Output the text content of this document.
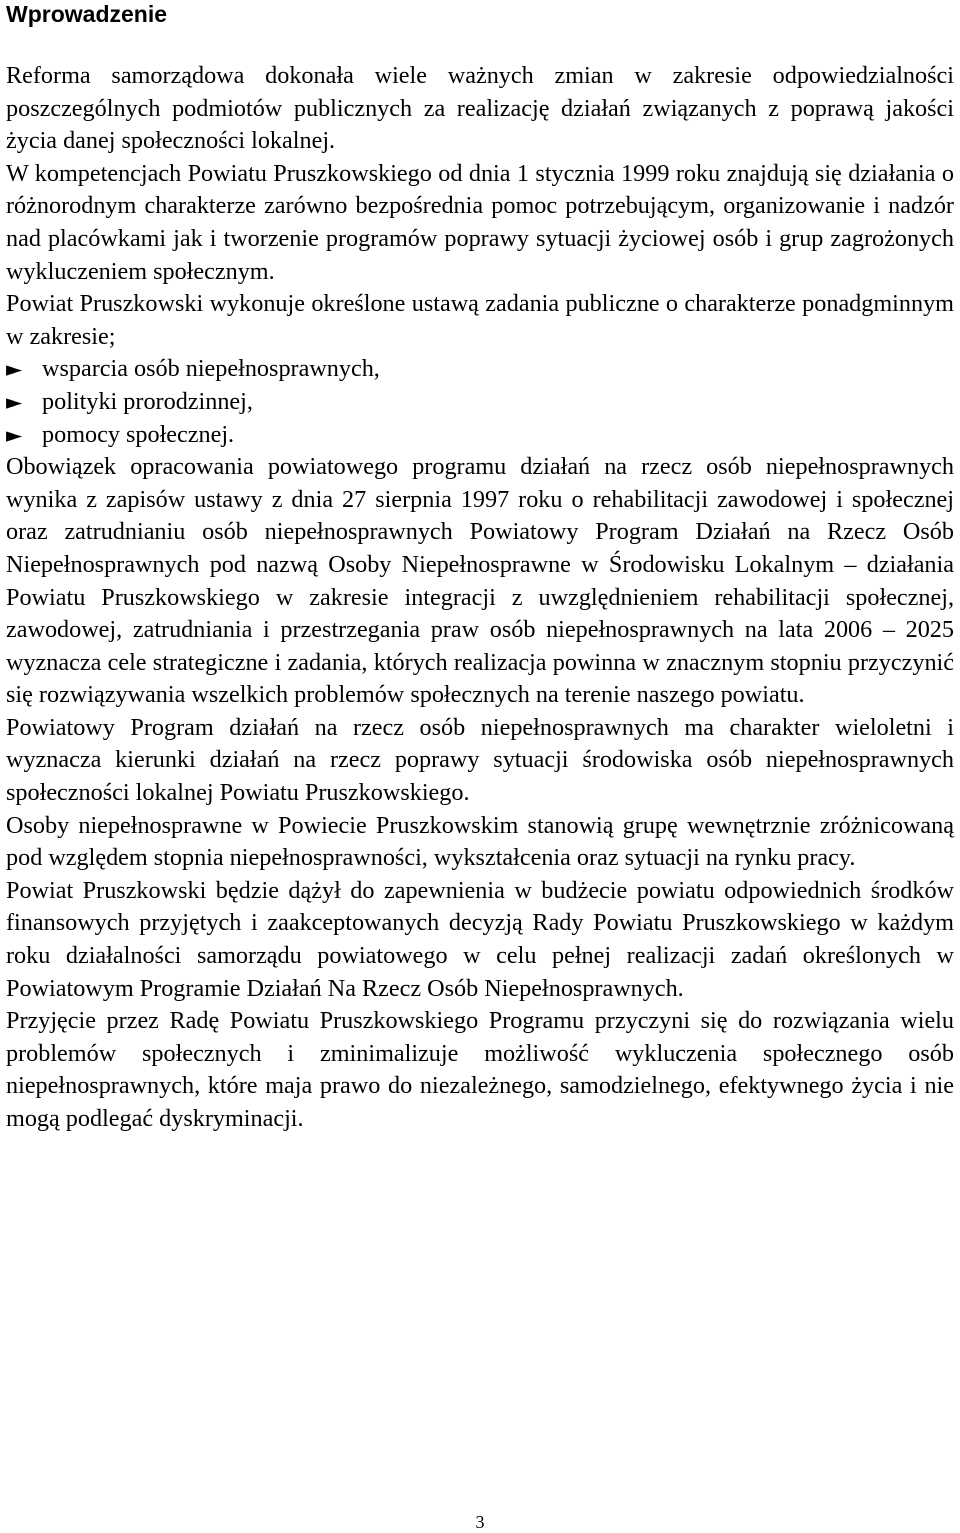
Wprowadzenie

Reforma samorządowa dokonała wiele ważnych zmian w zakresie odpowiedzialności poszczególnych podmiotów publicznych za realizację działań związanych z poprawą jakości życia danej społeczności lokalnej.

W kompetencjach Powiatu Pruszkowskiego od dnia 1 stycznia 1999 roku znajdują się działania o różnorodnym charakterze zarówno bezpośrednia pomoc potrzebującym, organizowanie i nadzór nad placówkami jak i tworzenie programów poprawy sytuacji życiowej osób i grup zagrożonych wykluczeniem społecznym.

Powiat Pruszkowski wykonuje określone ustawą zadania publiczne o charakterze ponadgminnym w zakresie;

► wsparcia osób niepełnosprawnych,
► polityki prorodzinnej,
► pomocy społecznej.

Obowiązek opracowania powiatowego programu działań na rzecz osób niepełnosprawnych wynika z zapisów ustawy z dnia 27 sierpnia 1997 roku o rehabilitacji zawodowej i społecznej oraz zatrudnianiu osób niepełnosprawnych Powiatowy Program Działań na Rzecz Osób Niepełnosprawnych pod nazwą Osoby Niepełnosprawne w Środowisku Lokalnym – działania Powiatu Pruszkowskiego w zakresie integracji z uwzględnieniem rehabilitacji społecznej, zawodowej, zatrudniania i przestrzegania praw osób niepełnosprawnych na lata 2006 – 2025 wyznacza cele strategiczne i zadania, których realizacja powinna w znacznym stopniu przyczynić się rozwiązywania wszelkich problemów społecznych na terenie naszego powiatu.

Powiatowy Program działań na rzecz osób niepełnosprawnych ma charakter wieloletni i wyznacza kierunki działań na rzecz poprawy sytuacji środowiska osób niepełnosprawnych społeczności lokalnej Powiatu Pruszkowskiego.

Osoby niepełnosprawne w Powiecie Pruszkowskim stanowią grupę wewnętrznie zróżnicowaną pod względem stopnia niepełnosprawności, wykształcenia oraz sytuacji na rynku pracy.

Powiat Pruszkowski będzie dążył do zapewnienia w budżecie powiatu odpowiednich środków finansowych przyjętych i zaakceptowanych decyzją Rady Powiatu Pruszkowskiego w każdym roku działalności samorządu powiatowego w celu pełnej realizacji zadań określonych w Powiatowym Programie Działań Na Rzecz Osób Niepełnosprawnych.

Przyjęcie przez Radę Powiatu Pruszkowskiego Programu przyczyni się do rozwiązania wielu problemów społecznych i zminimalizuje możliwość wykluczenia społecznego osób niepełnosprawnych, które maja prawo do niezależnego, samodzielnego, efektywnego życia i nie mogą podlegać dyskryminacji.

3
